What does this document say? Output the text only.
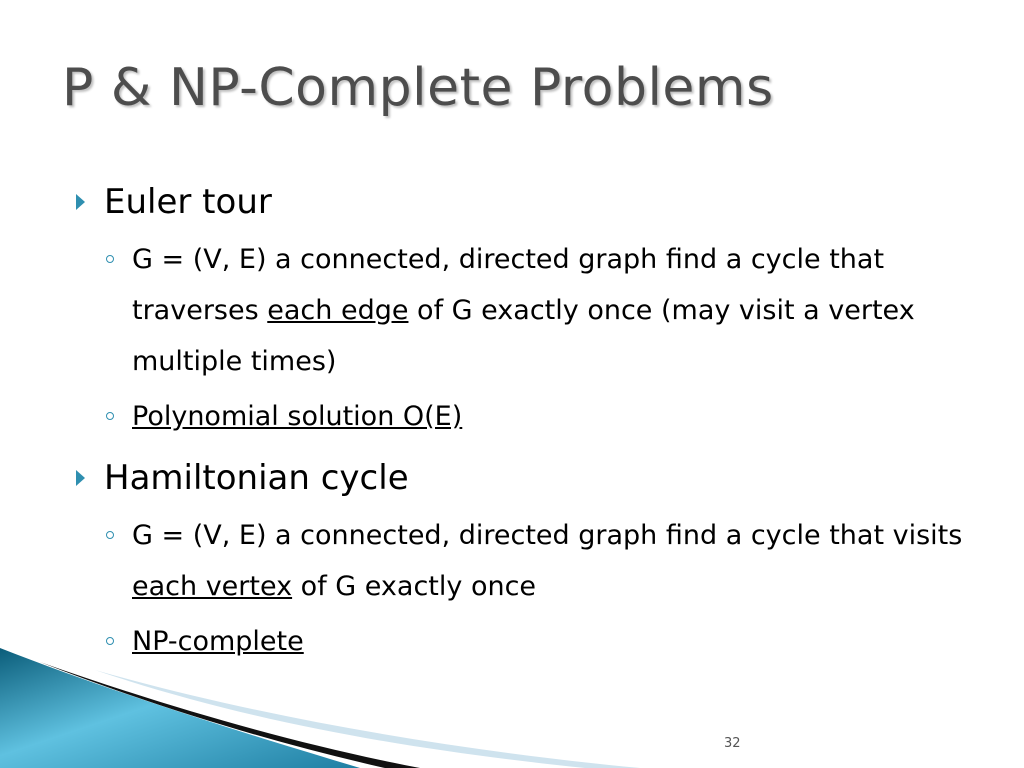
P & NP-Complete Problems
Euler tour
G = (V, E) a connected, directed graph find a cycle that traverses each edge of G exactly once (may visit a vertex multiple times)
Polynomial solution O(E)
Hamiltonian cycle
G = (V, E) a connected, directed graph find a cycle that visits each vertex of G exactly once
NP-complete
32
